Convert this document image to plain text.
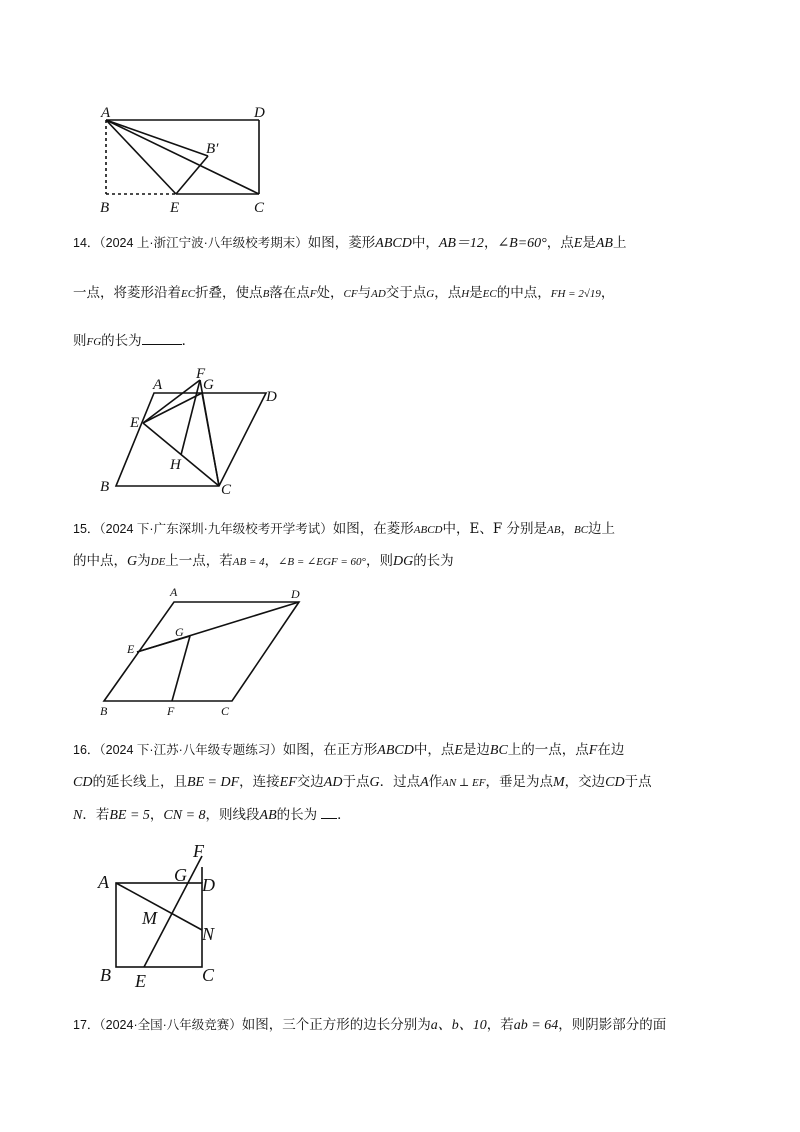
A	D
B′
B	E	C
14．（2024 上·浙江宁波·八年级校考期末）如图，菱形ABCD中，AB＝12，∠B=60°，点E是AB上
一点，将菱形沿着EC折叠，使点B落在点F处，CF与AD交于点G，点H是EC的中点，FH = 2√19，
则FG的长为	．
A
F
G
D
E
H
B	C
15．（2024 下·广东深圳·九年级校考开学考试）如图，在菱形ABCD中，E、F 分别是AB，BC边上
的中点，G为DE上一点，若AB = 4，∠B = ∠EGF = 60°，则DG的长为
A	D
G
E
B	F	C
16．（2024 下·江苏·八年级专题练习）如图，在正方形ABCD中，点E是边BC上的一点，点F在边
CD的延长线上，且BE = DF，连接EF交边AD于点G．过点A作AN ⊥ EF，垂足为点M，交边CD于点
N．若BE = 5，CN = 8，则线段AB的长为 ．
F
A	G D
M
N
B E	C
17．（2024·全国·八年级竞赛）如图，三个正方形的边长分别为a、b、10，若ab = 64，则阴影部分的面
